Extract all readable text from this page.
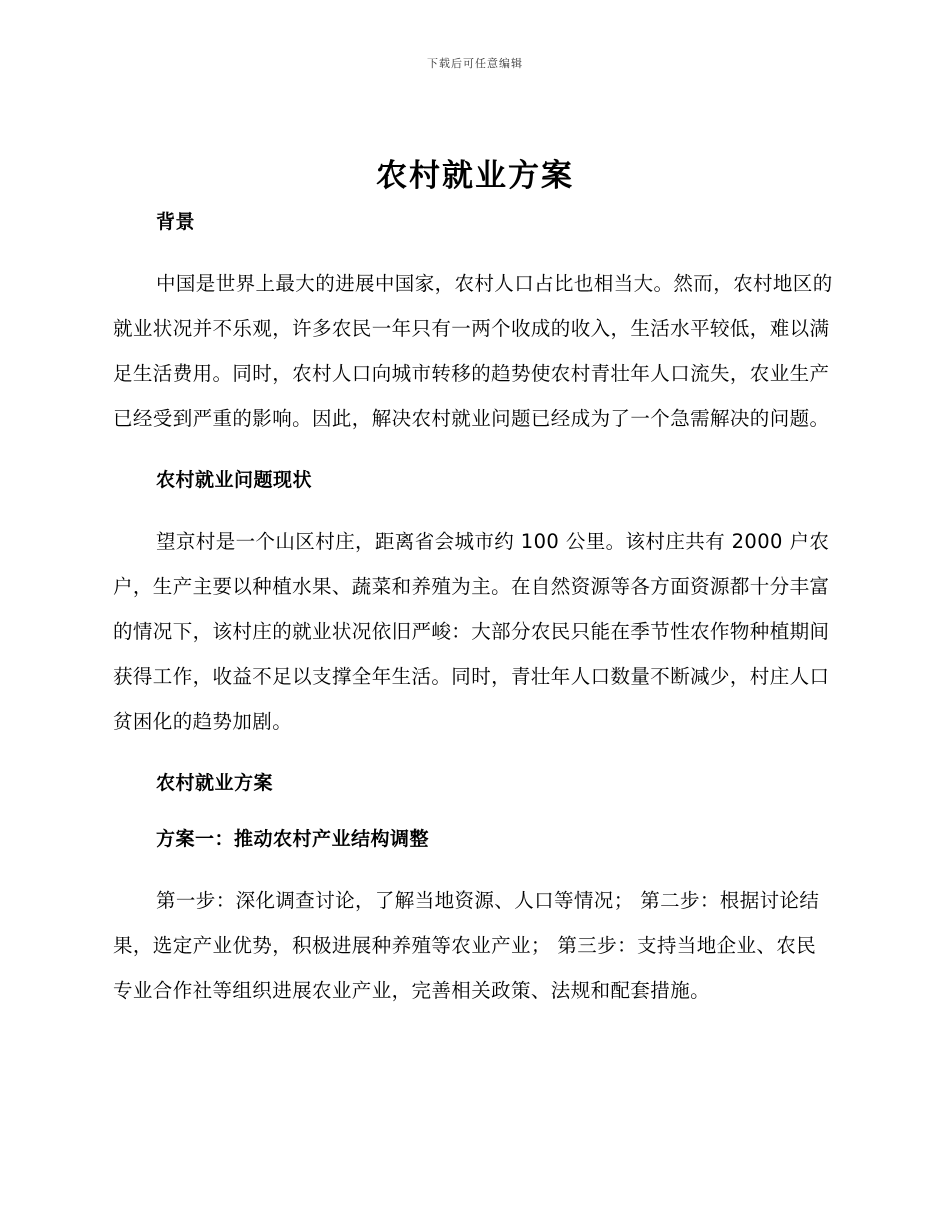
下载后可任意编辑
农村就业方案
背景

中国是世界上最大的进展中国家，农村人口占比也相当大。然而，农村地区的就业状况并不乐观，许多农民一年只有一两个收成的收入，生活水平较低，难以满足生活费用。同时，农村人口向城市转移的趋势使农村青壮年人口流失，农业生产已经受到严重的影响。因此，解决农村就业问题已经成为了一个急需解决的问题。

农村就业问题现状

望京村是一个山区村庄，距离省会城市约 100 公里。该村庄共有 2000 户农户，生产主要以种植水果、蔬菜和养殖为主。在自然资源等各方面资源都十分丰富的情况下，该村庄的就业状况依旧严峻：大部分农民只能在季节性农作物种植期间获得工作，收益不足以支撑全年生活。同时，青壮年人口数量不断减少，村庄人口贫困化的趋势加剧。

农村就业方案
方案一：推动农村产业结构调整

第一步：深化调查讨论，了解当地资源、人口等情况； 第二步：根据讨论结果，选定产业优势，积极进展种养殖等农业产业； 第三步：支持当地企业、农民专业合作社等组织进展农业产业，完善相关政策、法规和配套措施。
